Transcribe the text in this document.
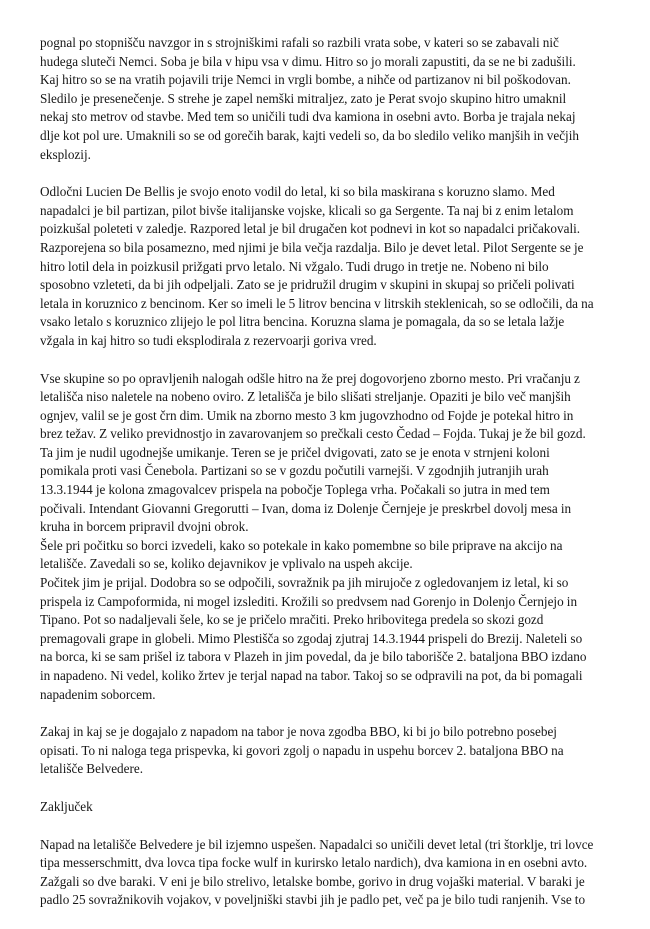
pognal po stopnišču navzgor in s strojniškimi rafali so razbili vrata sobe, v kateri so se zabavali nič
hudega sluteči Nemci. Soba je bila v hipu vsa v dimu. Hitro so jo morali zapustiti, da se ne bi zadušili.
Kaj hitro so se na vratih pojavili trije Nemci in vrgli bombe, a nihče od partizanov ni bil poškodovan.
Sledilo je presenečenje. S strehe je zapel nemški mitraljez, zato je Perat svojo skupino hitro umaknil
nekaj sto metrov od stavbe. Med tem so uničili tudi dva kamiona in osebni avto. Borba je trajala nekaj
dlje kot pol ure. Umaknili so se od gorečih barak, kajti vedeli so, da bo sledilo veliko manjših in večjih
eksplozij.

Odločni Lucien De Bellis je svojo enoto vodil do letal, ki so bila maskirana s koruzno slamo. Med
napadalci je bil partizan, pilot bivše italijanske vojske, klicali so ga Sergente. Ta naj bi z enim letalom
poizkušal poleteti v zaledje. Razpored letal je bil drugačen kot podnevi in kot so napadalci pričakovali.
Razporejena so bila posamezno, med njimi je bila večja razdalja. Bilo je devet letal. Pilot Sergente se je
hitro lotil dela in poizkusil prižgati prvo letalo. Ni vžgalo. Tudi drugo in tretje ne. Nobeno ni bilo
sposobno vzleteti, da bi jih odpeljali. Zato se je pridružil drugim v skupini in skupaj so pričeli polivati
letala in koruznico z bencinom. Ker so imeli le 5 litrov bencina v litrskih steklenicah, so se odločili, da na
vsako letalo s koruznico zlijejo le pol litra bencina. Koruzna slama je pomagala, da so se letala lažje
vžgala in kaj hitro so tudi eksplodirala z rezervoarji goriva vred.

Vse skupine so po opravljenih nalogah odšle hitro na že prej dogovorjeno zborno mesto. Pri vračanju z
letališča niso naletele na nobeno oviro. Z letališča je bilo slišati streljanje. Opaziti je bilo več manjših
ognjev, valil se je gost črn dim. Umik na zborno mesto 3 km jugovzhodno od Fojde je potekal hitro in
brez težav. Z veliko previdnostjo in zavarovanjem so prečkali cesto Čedad – Fojda. Tukaj je že bil gozd.
Ta jim je nudil ugodnejše umikanje. Teren se je pričel dvigovati, zato se je enota v strnjeni koloni
pomikala proti vasi Čenebola. Partizani so se v gozdu počutili varnejši. V zgodnjih jutranjih urah
13.3.1944 je kolona zmagovalcev prispela na pobočje Toplega vrha. Počakali so jutra in med tem
počivali. Intendant Giovanni Gregorutti – Ivan, doma iz Dolenje Černjeje je preskrbel dovolj mesa in
kruha in borcem pripravil dvojni obrok.

Šele pri počitku so borci izvedeli, kako so potekale in kako pomembne so bile priprave na akcijo na
letališče. Zavedali so se, koliko dejavnikov je vplivalo na uspeh akcije.

Počitek jim je prijal. Dodobra so se odpočili, sovražnik pa jih mirujoče z ogledovanjem iz letal, ki so
prispela iz Campoformida, ni mogel izslediti. Krožili so predvsem nad Gorenjo in Dolenjo Černjejo in
Tipano. Pot so nadaljevali šele, ko se je pričelo mračiti. Preko hribovitega predela so skozi gozd
premagovali grape in globeli. Mimo Plestišča so zgodaj zjutraj 14.3.1944 prispeli do Brezij. Naleteli so
na borca, ki se sam prišel iz tabora v Plazeh in jim povedal, da je bilo taborišče 2. bataljona BBO izdano
in napadeno. Ni vedel, koliko žrtev je terjal napad na tabor. Takoj so se odpravili na pot, da bi pomagali
napadenim soborcem.

Zakaj in kaj se je dogajalo z napadom na tabor je nova zgodba BBO, ki bi jo bilo potrebno posebej
opisati. To ni naloga tega prispevka, ki govori zgolj o napadu in uspehu borcev 2. bataljona BBO na
letališče Belvedere.

Zaključek

Napad na letališče Belvedere je bil izjemno uspešen. Napadalci so uničili devet letal (tri štorklje, tri lovce
tipa messerschmitt, dva lovca tipa focke wulf in kurirsko letalo nardich), dva kamiona in en osebni avto.
Zažgali so dve baraki. V eni je bilo strelivo, letalske bombe, gorivo in drug vojaški material. V baraki je
padlo 25 sovražnikovih vojakov, v poveljniški stavbi jih je padlo pet, več pa je bilo tudi ranjenih. Vse to
